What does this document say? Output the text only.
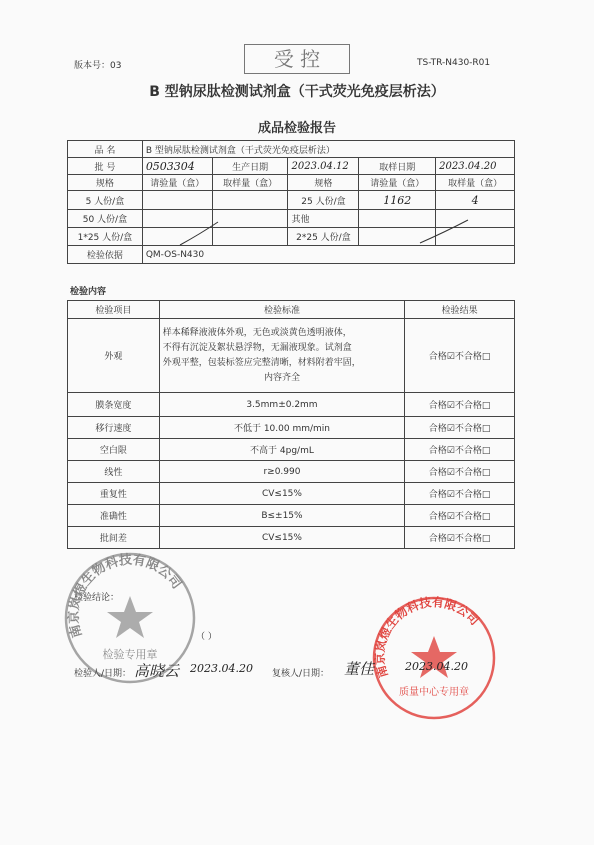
版本号：03	受 控	TS-TR-N430-R01
B 型钠尿肽检测试剂盒（干式荧光免疫层析法）
成品检验报告
品 名	B 型钠尿肽检测试剂盒（干式荧光免疫层析法）				
批 号	0503304	生产日期	2023.04.12	取样日期	2023.04.20
规格	请验量（盒）	取样量（盒）	规格	请验量（盒）	取样量（盒）
5 人份/盒			25 人份/盒	1162	4
50 人份/盒			其他		
1*25 人份/盒			2*25 人份/盒		
检验依据	QM-OS-N430				
检验内容
检验项目	检验标准	检验结果
外观	样本稀释液液体外观，无色或淡黄色透明液体，
不得有沉淀及絮状悬浮物，无漏液现象。试剂盒
外观平整，包装标签应完整清晰，材料附着牢固，
内容齐全	合格☑不合格□
膜条宽度	3.5mm±0.2mm	合格☑不合格□
移行速度	不低于 10.00 mm/min	合格☑不合格□
空白限	不高于 4pg/mL	合格☑不合格□
线性	r≥0.990	合格☑不合格□
重复性	CV≤15%	合格☑不合格□
准确性	B≤±15%	合格☑不合格□
批间差	CV≤15%	合格☑不合格□
检验结论：
（ ）
南京岚煜生物科技有限公司
检验专用章
南京岚煜生物科技有限公司
质量中心专用章
检验人/日期： 高晓云 2023.04.20 复核人/日期： 董佳	2023.04.20
